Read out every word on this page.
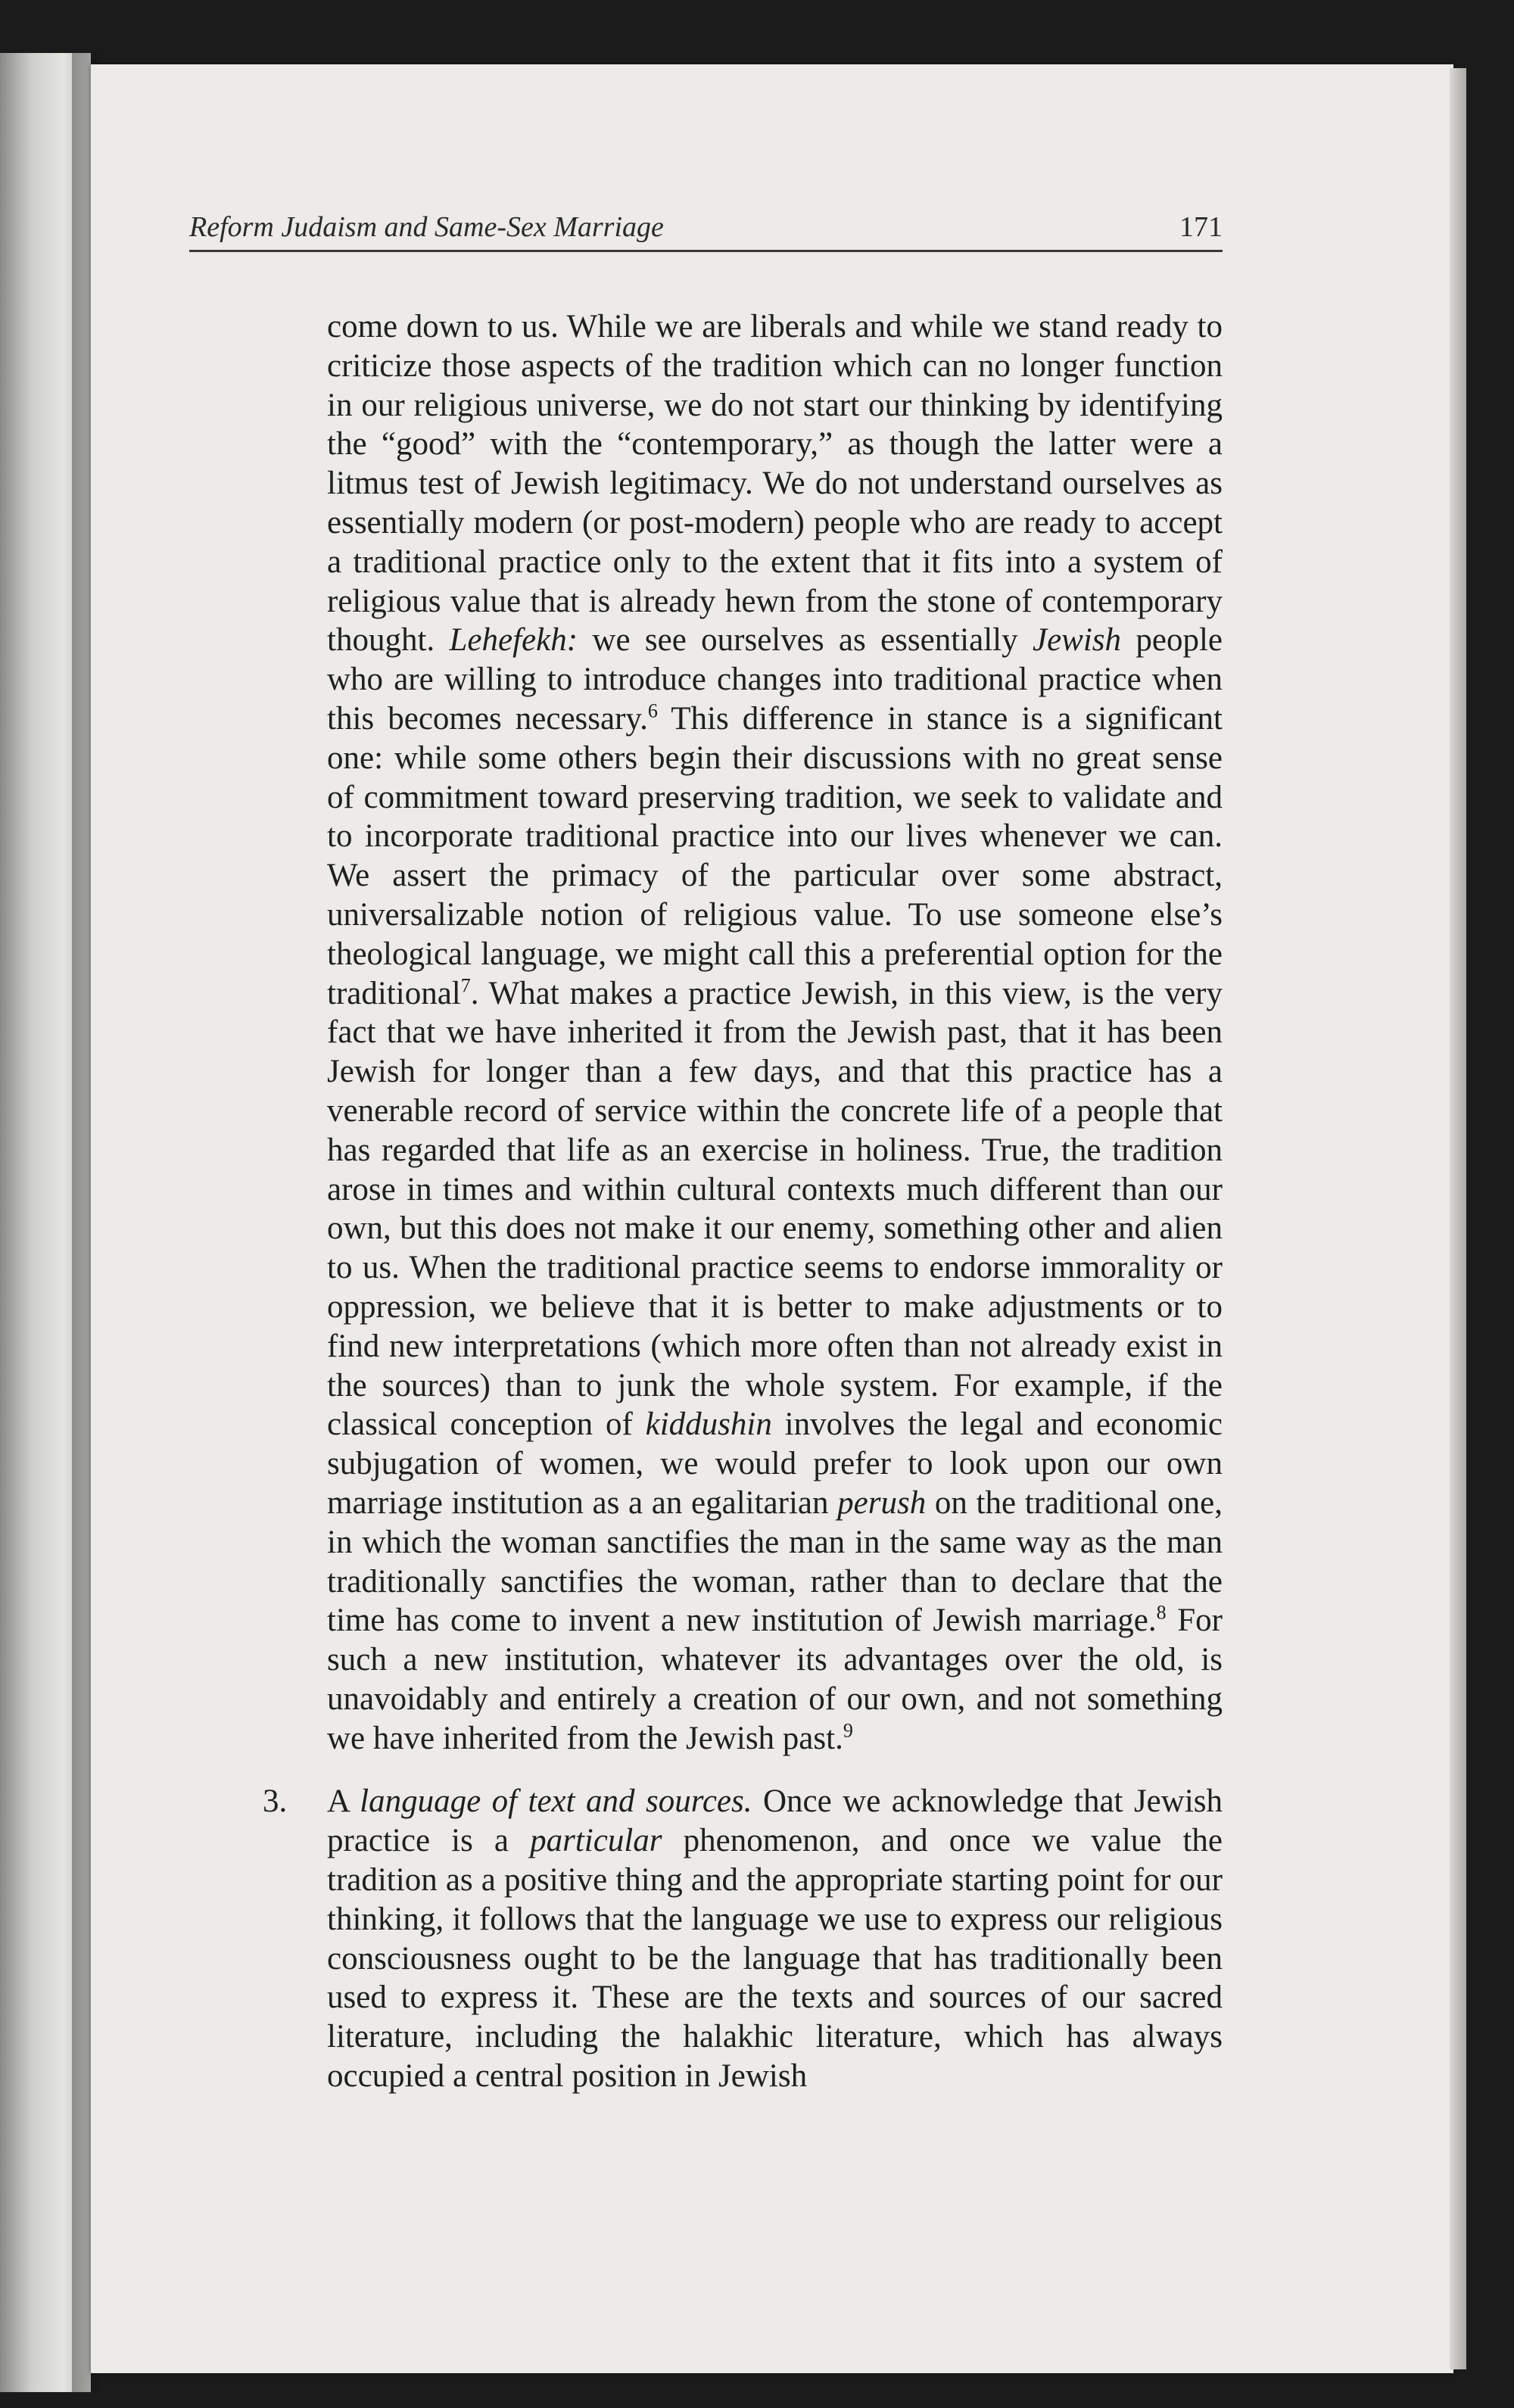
Reform Judaism and Same-Sex Marriage	171

come down to us. While we are liberals and while we stand ready to criticize those aspects of the tradition which can no longer function in our religious universe, we do not start our thinking by identifying the “good” with the “contemporary,” as though the latter were a litmus test of Jewish legitimacy. We do not understand ourselves as essentially modern (or post-modern) people who are ready to accept a traditional practice only to the extent that it fits into a system of religious value that is already hewn from the stone of contemporary thought. Lehefekh: we see ourselves as essentially Jewish people who are willing to introduce changes into traditional practice when this becomes necessary.$^6$ This difference in stance is a significant one: while some others begin their discussions with no great sense of commitment toward preserving tradition, we seek to validate and to incorporate traditional practice into our lives whenever we can. We assert the primacy of the particular over some abstract, universalizable notion of religious value. To use someone else’s theological language, we might call this a preferential option for the traditional$^7$. What makes a practice Jewish, in this view, is the very fact that we have inherited it from the Jewish past, that it has been Jewish for longer than a few days, and that this practice has a venerable record of service within the concrete life of a people that has regarded that life as an exercise in holiness. True, the tradition arose in times and within cultural contexts much different than our own, but this does not make it our enemy, something other and alien to us. When the traditional practice seems to endorse immorality or oppression, we believe that it is better to make adjustments or to find new interpretations (which more often than not already exist in the sources) than to junk the whole system. For example, if the classical conception of kiddushin involves the legal and economic subjugation of women, we would prefer to look upon our own marriage institution as a an egalitarian perush on the traditional one, in which the woman sanctifies the man in the same way as the man traditionally sanctifies the woman, rather than to declare that the time has come to invent a new institution of Jewish marriage.$^8$ For such a new institution, whatever its advantages over the old, is unavoidably and entirely a creation of our own, and not something we have inherited from the Jewish past.$^9$

3. A language of text and sources. Once we acknowledge that Jewish practice is a particular phenomenon, and once we value the tradition as a positive thing and the appropriate starting point for our thinking, it follows that the language we use to express our religious consciousness ought to be the language that has traditionally been used to express it. These are the texts and sources of our sacred literature, including the halakhic literature, which has always occupied a central position in Jewish
